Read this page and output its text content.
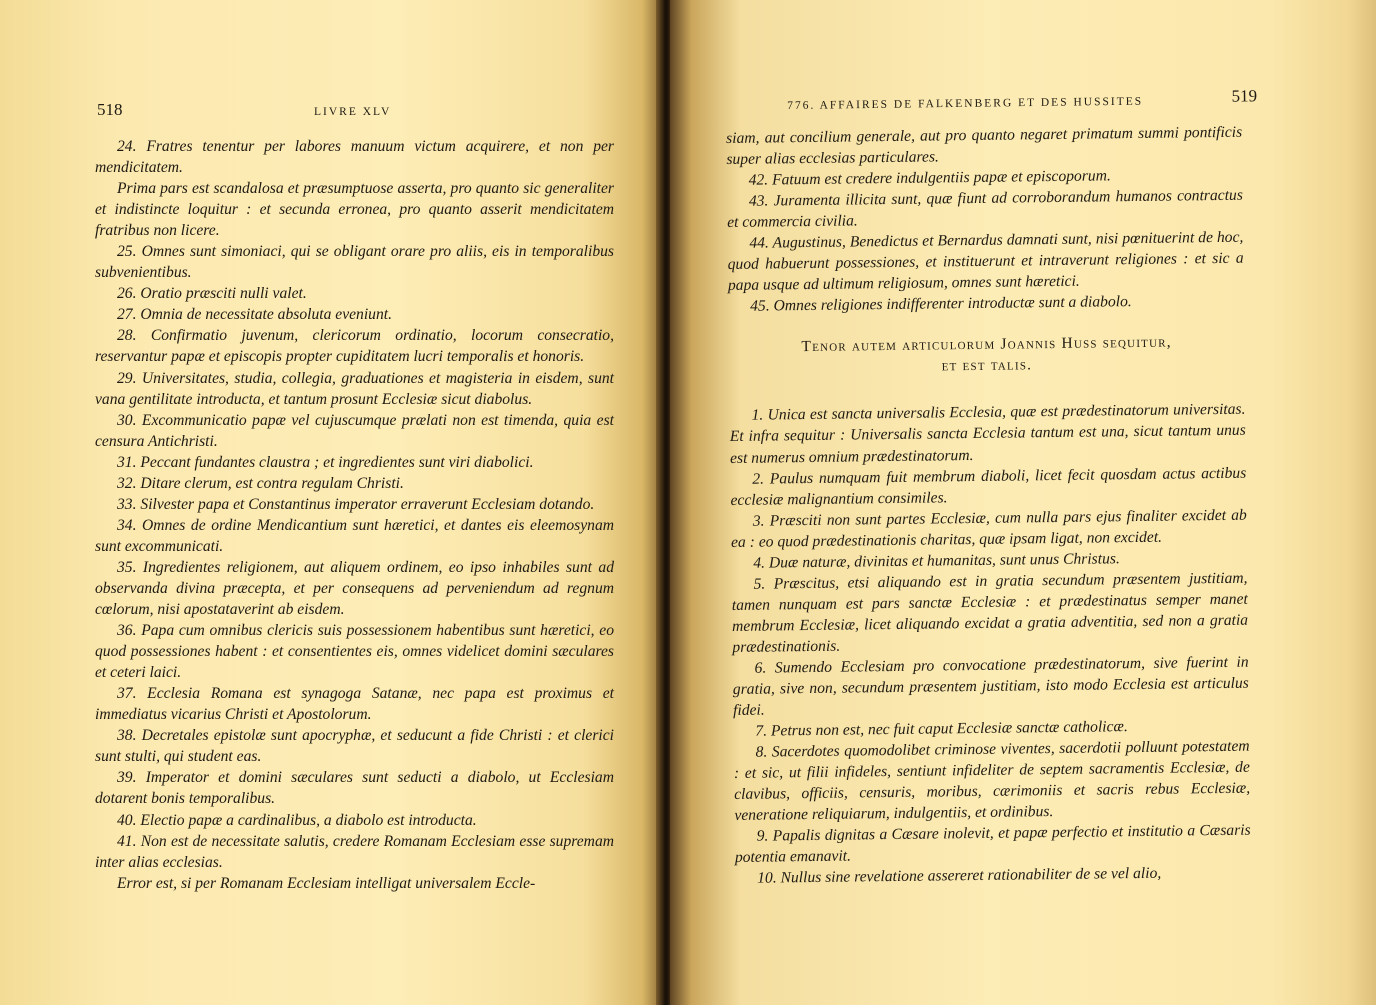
518	LIVRE XLV

24. Fratres tenentur per labores manuum victum acquirere, et non per mendicitatem.

Prima pars est scandalosa et præsumptuose asserta, pro quanto sic generaliter et indistincte loquitur : et secunda erronea, pro quanto asserit mendicitatem fratribus non licere.

25. Omnes sunt simoniaci, qui se obligant orare pro aliis, eis in temporalibus subvenientibus.

26. Oratio præsciti nulli valet.

27. Omnia de necessitate absoluta eveniunt.

28. Confirmatio juvenum, clericorum ordinatio, locorum consecratio, reservantur papæ et episcopis propter cupiditatem lucri temporalis et honoris.

29. Universitates, studia, collegia, graduationes et magisteria in eisdem, sunt vana gentilitate introducta, et tantum prosunt Ecclesiæ sicut diabolus.

30. Excommunicatio papæ vel cujuscumque prælati non est timenda, quia est censura Antichristi.

31. Peccant fundantes claustra ; et ingredientes sunt viri diabolici.

32. Ditare clerum, est contra regulam Christi.

33. Silvester papa et Constantinus imperator erraverunt Ecclesiam dotando.

34. Omnes de ordine Mendicantium sunt hæretici, et dantes eis eleemosynam sunt excommunicati.

35. Ingredientes religionem, aut aliquem ordinem, eo ipso inhabiles sunt ad observanda divina præcepta, et per consequens ad perveniendum ad regnum cœlorum, nisi apostataverint ab eisdem.

36. Papa cum omnibus clericis suis possessionem habentibus sunt hæretici, eo quod possessiones habent : et consentientes eis, omnes videlicet domini sæculares et ceteri laici.

37. Ecclesia Romana est synagoga Satanæ, nec papa est proximus et immediatus vicarius Christi et Apostolorum.

38. Decretales epistolæ sunt apocryphæ, et seducunt a fide Christi : et clerici sunt stulti, qui student eas.

39. Imperator et domini sæculares sunt seducti a diabolo, ut Ecclesiam dotarent bonis temporalibus.

40. Electio papæ a cardinalibus, a diabolo est introducta.

41. Non est de necessitate salutis, credere Romanam Ecclesiam esse supremam inter alias ecclesias.

Error est, si per Romanam Ecclesiam intelligat universalem Eccle-

776. AFFAIRES DE FALKENBERG ET DES HUSSITES	519

siam, aut concilium generale, aut pro quanto negaret primatum summi pontificis super alias ecclesias particulares.

42. Fatuum est credere indulgentiis papæ et episcoporum.

43. Juramenta illicita sunt, quæ fiunt ad corroborandum humanos contractus et commercia civilia.

44. Augustinus, Benedictus et Bernardus damnati sunt, nisi pœnituerint de hoc, quod habuerunt possessiones, et instituerunt et intraverunt religiones : et sic a papa usque ad ultimum religiosum, omnes sunt hæretici.

45. Omnes religiones indifferenter introductæ sunt a diabolo.

Tenor autem articulorum Joannis Huss sequitur,
et est talis.

1. Unica est sancta universalis Ecclesia, quæ est prædestinatorum universitas. Et infra sequitur : Universalis sancta Ecclesia tantum est una, sicut tantum unus est numerus omnium prædestinatorum.

2. Paulus numquam fuit membrum diaboli, licet fecit quosdam actus actibus ecclesiæ malignantium consimiles.

3. Præsciti non sunt partes Ecclesiæ, cum nulla pars ejus finaliter excidet ab ea : eo quod prædestinationis charitas, quæ ipsam ligat, non excidet.

4. Duæ naturæ, divinitas et humanitas, sunt unus Christus.

5. Præscitus, etsi aliquando est in gratia secundum præsentem justitiam, tamen nunquam est pars sanctæ Ecclesiæ : et prædestinatus semper manet membrum Ecclesiæ, licet aliquando excidat a gratia adventitia, sed non a gratia prædestinationis.

6. Sumendo Ecclesiam pro convocatione prædestinatorum, sive fuerint in gratia, sive non, secundum præsentem justitiam, isto modo Ecclesia est articulus fidei.

7. Petrus non est, nec fuit caput Ecclesiæ sanctæ catholicæ.

8. Sacerdotes quomodolibet criminose viventes, sacerdotii polluunt potestatem : et sic, ut filii infideles, sentiunt infideliter de septem sacramentis Ecclesiæ, de clavibus, officiis, censuris, moribus, cærimoniis et sacris rebus Ecclesiæ, veneratione reliquiarum, indulgentiis, et ordinibus.

9. Papalis dignitas a Cæsare inolevit, et papæ perfectio et institutio a Cæsaris potentia emanavit.

10. Nullus sine revelatione assereret rationabiliter de se vel alio,
